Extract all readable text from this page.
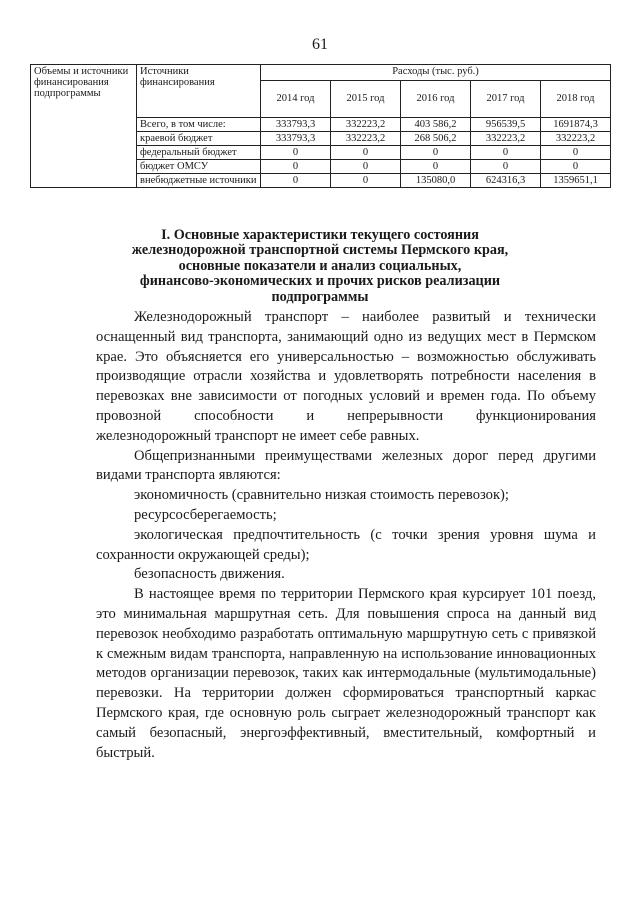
61
Объемы и источники финансирования подпрограммы	Источники финансирования	Расходы (тыс. руб.)				
		2014 год	2015 год	2016 год	2017 год	2018 год
	Всего, в том числе:	333793,3	332223,2	403 586,2	956539,5	1691874,3
	краевой бюджет	333793,3	332223,2	268 506,2	332223,2	332223,2
	федеральный бюджет	0	0	0	0	0
	бюджет ОМСУ	0	0	0	0	0
	внебюджетные источники	0	0	135080,0	624316,3	1359651,1
I. Основные характеристики текущего состояния
железнодорожной транспортной системы Пермского края,
основные показатели и анализ социальных,
финансово-экономических и прочих рисков реализации
подпрограммы

Железнодорожный транспорт – наиболее развитый и технически оснащенный вид транспорта, занимающий одно из ведущих мест в Пермском крае. Это объясняется его универсальностью – возможностью обслуживать производящие отрасли хозяйства и удовлетворять потребности населения в перевозках вне зависимости от погодных условий и времен года. По объему провозной способности и непрерывности функционирования железнодорожный транспорт не имеет себе равных.

Общепризнанными преимуществами железных дорог перед другими видами транспорта являются:

экономичность (сравнительно низкая стоимость перевозок);

ресурсосберегаемость;

экологическая предпочтительность (с точки зрения уровня шума и сохранности окружающей среды);

безопасность движения.

В настоящее время по территории Пермского края курсирует 101 поезд, это минимальная маршрутная сеть. Для повышения спроса на данный вид перевозок необходимо разработать оптимальную маршрутную сеть с привязкой к смежным видам транспорта, направленную на использование инновационных методов организации перевозок, таких как интермодальные (мультимодальные) перевозки. На территории должен сформироваться транспортный каркас Пермского края, где основную роль сыграет железнодорожный транспорт как самый безопасный, энергоэффективный, вместительный, комфортный и быстрый.
